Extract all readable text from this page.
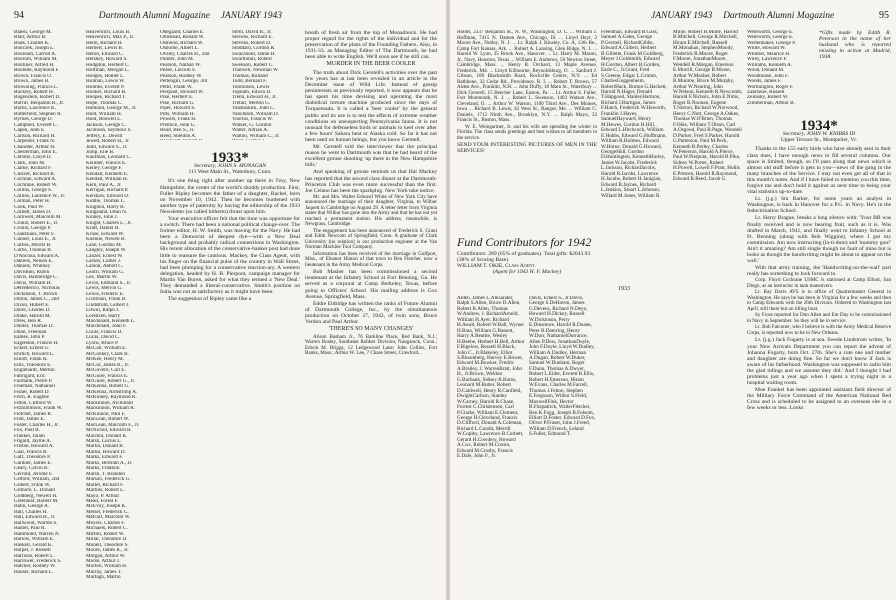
94	Dartmouth Alumni Magazine JANUARY 1943
Blaesi, George M.
Blair, Arthur B.
Boak, Charles K.
Bonczek, Joseph L.
Booream, Carroll A.
Boorum, William M.
Boutilier, Alfred H.
Boutelle, Raymond F.
Brown, Francis O.
Brown, James B.
Browning, Francis L.
Buckley, Robert H.
Bugenstein, Robert D.
Burrill, Benjamin R., Jr.
Burtis, Lawrence K.
Butterfield, Stephen R.
Byrnes, George D.
Campbell, Everett C.
Capen, John E.
Carlson, Richard H.
Carpenter, Frank N.
Chandler, Arthur H.
Chesterman, John E.
Christie, Lloyd D.
Clark, John M.
Clarke, Richard F.
Cleaver, Richard B.
Cochran, Edward A.
Cochrane, Robert W.
Collins, George S.
Collins, Laurence W., Jr.
Colman, Peter H.
Cook, Paul W.
Corbett, James D.
Cornwell, Malcolm M.
Cronin, Robert E., Jr.
Cronin, George P.
Csankhaus, Peter F.
Cunner, Louis E., Jr.
Curtiss, Morris B.
Curtis, Thomas B.
D'Ancona, Edward A.
Daniels, Nelson E.
Daniels, Whitney
Davidson, Rubin
Davis, Bainbridge C.
Davis, William H.
Defrederico, Nicholas
Dickinson, T. Brown
Dillon, James C., 2nd
Dixon, Hubert E.
Dorer, Charles D.
Drake, Harold M.
Drew, Ben R.
Dubler, Thomas D.
Dunn, Freeman
Eames, John P.
Eagleston, Francis H.
Eckler, Ernest G.
Ehrlich, Howard L.
Elliott, Frank R.
Ellis, Theodore E.
Englehardt, Merton
Fabrigard, Eric
Fairbank, Pierre P.
Fineman, Nathaniel
Fisher, Robert D.
Fitch, R. Eugene
Fitton, Clifford W.
Fitzsimmons, Frank W.
Fletcher, James R.
Flint, James E.
Foster, Charles H., Jr.
Fox, Paul B.
Frankel, Julian
Frigard, Jayme A.
Frisbie, Howard A.
Gaal, Francis B.
Gaff, Theodore P.
Gardner, James E.
Geary, Calvin B.
Gerrold, Jerome F.
Gifford, William, 2nd
Gilbert, Frank W.
Gilmore, L. Donald
Goldberg, Newell H.
Greenleaf, Robert M.
Hahn, George A.
Hall, Charles H.
Hall, Edward H., Jr.
Hallwood, Warren S.
Hamel, Paul R.
Hammond, Warren N.
Harlow, William E.
Haskell, Gerald K.
Harper, J. Russell
Harrison, Robert L.
Harrower, Frederick S.
Hatcher, Rodney W.
Hauser, Richard L.
Heavenrich, Louis B.
Heavenrich, Max P., Jr.
Heim, Richard H.
Herbert, Lewis B.
Heron, Edward C.
Hershey, Howard S.
Hodgdon, Herbert C.
Hoffman, Morgan L.
Hodges, Homer L.
Holman, Lewis W.
Holmes, Everett P.
Hooker, Richard B.
Hoopes, Richard T.
Hope, Thomas C.
Hubbard, George M., Jr.
Hunt, William H.
Hunt, Roswell L.
Jackson, George C.
Jacobson, Seymour S.
Jeffery, E. Dewitt
Jewett, Robert H., Jr.
Judd, Edward S., Jr.
Jump, Elie B.
Kaufman, Leonard C.
Keiliher, Francis E.
Kelley, George F.
Kendall, Kenneth E.
Kendall, William H.
Kern, Paul A., Jr.
Kerrigan, Richard P.
Kershaw, Edward D.
Kiddle, Thomas L.
Kingdon, Harry B.
Kingsland, Dean N.
Kinney, John J.
Knight, Charles L., Jr.
Kraft, Daniel H.
Kruse, Edward W.
Kuenne, Newell B.
Lane, Gordon M.
Langley, Joseph W.
Lanzer, Ernest W.
Larsen, Luther J.
Larson, Abbott C.
Leach, William G.
Lee, Martin W.
Levin, Edmund S., Jr.
Lewis, Melvin G.
Lewis, Frederic E.
Lichtman, Frank B.
Lindstrom, Gilbert J.
Litwin, Ralph J.
Lorenzen, Harry
Macdonald, Kenneth L.
Macdonald, John F.
Lucas, Francis D.
Lucas, David C.
Lyons, Bruce P.
McCall, William E.
McConkey, Clark B.
McKee, Henry M.
McCor, James B., Jr.
McGovern, Carl E.
McGuire, Francis E.
McGuire, Robert G., Jr.
McKenna, Robert G.
McKenna, Armstrong A.
McKinney, Raymond R.
Mackinnon, Archibald
Mackinnon, William R.
McKinnon, Paul F.
MacLean, Robert W.
MacLean, Malcolm F., Jr.
McNichol, Edward R.
Macmul, Donald K.
Marsh, Lucius L.
Martin, Donald R.
Martin, Howard D.
Marks, Edward F.
Marks, Bertram A., Jr.
Marks, Franklin
Marsh, T. Brandon
Marson, Frederick G.
Martel, Richard F.
Martins, Robert L.
Mayo, P. Arthur
Mead, Forest F.
McEvoy, Joseph K.
Meisel, Frederick C.
Metcalf, Malcolm W.
Meyers, Charles F.
Michaels, Robert C.
Mifflin, Robert W.
Millar, Theodore D.
Monell, Theodore S.
Moore, James R., Jr.
Morgan, Arthur W.
Morse, Arthur J.
Morton, William H.
Murray, James T.
Murtagh, Martin
Odegaard, Charles E.
Olmstead, Ronald W.
Osmond, Richard W.
Osborne, Albert L.
Ovsley, Charles H., 2nd
Palmer, John M.
Pearson, Nathan W.
Pease, Lincoln S.
Pearson, Rodney W.
Pettengill, George, 3rd
Pettit, Frank W.
Pierpont, Howard W.
Pike, Herbert E.
Pike, Richard G.
Piper, Howard S.
Pitts, William H.
Powers, Frank H.
Prentice, John G.
Read, Ben S., Jr.
Reed, Sheldon A.
Stern, David B., Jr.
Stevens, Richard E.
Stevens, Robert D.
Stoddard, Gordon R.
Swaczhold, Jamie H.
Swarthmill, Robert
Swenson, Robert C.
Thalwell, Newman W.
Thomas, Rolland
Todd, Bernard F.
Tomlinson, Lewis
Topham, Edwin D.
Trenn, Edward H., Jr.
Trefair, Merton G.
VanBuskirk, John C.
VanDusen, William D.
Voorhis, Francis W.
Walker, G. Gordon
Walter, Adrian A.
Walton, William C., Jr.
1933*
Secretary, JOHN S. MONAGAN
111 West Main St., Waterbury, Conn.

It's one thing right after another up there in Troy, New Hampshire, the center of the world's shoddy production. First, Fuller Ripley becomes the father of a daughter, Rachel, born on November 10, 1942. Then he becomes burdened with another type of paternity by having the editorship of the 1933 Newsletter (so called hitherto) thrust upon him.

Your executive officer felt that the time was opportune for a switch. There had been a national political change-over. The former editor, H. W. Smith, was leaving for the Navy. He had been a Democrat of deepest dye—with a New Deal background and probably radical connections in Washington. His recent allocation of the conservative-banker post had done little to reassure the cautious. Mackey, the Class Agent, with his finger on the financial pulse of the country in Wall Street, had been plumping for a conservative reaction-ary. A western delegation, headed by H. B. Pierpont, campaign manager for Martin Van Buren, asked for what they termed a 'New Deal.' They demanded a liberal-conservative. Smith's position on India was not as satisfactory as it might have been.

The suggestion of Ripley came like a

breath of fresh air from the top of Monadnock. He had proper regard for the rights of the individual and for the preservation of the plans of the Founding Fathers. Also, in 1931-33, as Managing Editor of The Dartmouth, he had been able to write English. We'll soon see if he still can.

MURDER IN THE BEER COOLER

The truth about Dick Gerstell's activities over the past few years has at last been revealed in an article in the December issue of Wild Life. Instead of gossip peninterests as previously reported, it now appears that he has spent his time devising and operating the most diabolical torture machine produced since the days of Torquemada. It is called a 'beer cooler' by the general public and its use is to test the effects of extreme weather conditions on unsuspecting Pennsylvania fauna. It is not unusual for defenseless birds or animals to keel over after a few hours' Sahara heat or Alaska cold. So far it has not been used on human beings, but you know Gerstell.

Mr. Gerstell told the interviewer that the principal reason he went to Dartmouth was that he had heard of the excellent grouse shooting 'up there in the New Hampshire hills.'

And speaking of grouse reminds us that Hal Mackey has reported that the second class dinner at the Dartmouth-Princeton Club was even more successful than the first. Joe Celano has been the sparkplug. New York take notice.

Mr. and Mrs. Walter Edward White of New York City have announced the marriage of their daughter, Virginia, to Wilbur Jaquett in Cambridge on August 29. A letter letter from Virginia states that Wilbur has gone into the Army and that he has not yet reached a permanent station. His address, meanwhile, is Newgrass, Cambridge.

The engagement has been announced of Frederick S. Grant and Edith Newcom of Springfield, Conn. A graduate of Clark University (no relation) is our production engineer at the Van Norman Machine Tool Company.

Information has been received of the marriage in Gulfport, Miss., of Eleanor Hinton of that town to Ben Fletcher, now a lieutenant in the Army Medical Corps.

Bob Masher has been commissioned a second lieutenant at the Infantry School at Fort Benning, Ga. He served as a corporal at Camp Berkeley, Texas, before going to Officers' School. His mailing address is Cox Avenue, Springfield, Mass.

Eddie Eldridge has written the ranks of Future Alumni of Dartmouth College, Inc., by the simultaneous production on October 27, 1942, of twin sons, Bruce Verdon and Paul Arthur.

'THERE'S SO MANY CHANGES'

Alison Basham Jr., 76 Barkline Place, Red Bank, N.J.; Warren Bosley, Southeast Rubber Division, Naugatuck, Conn.; Edwin M. Briggs, 12 Ledgewood Lane; John Collins, Fort Banks, Mass.; Arthur W. Lee, 7 Chase Street, Crawford...

JANUARY 1943 Dartmouth Alumni Magazine	95

Hobbs, 2337 Benjamin St., N. W., Washington, D. C. ... William J. Hoffman, 7415 N. Damen Ave., Chicago, Ill. ... Lloyd Hoyt, 2 Moore Ave., Nutley, N. J. ... Lt. Ralph J. Kinsley, Co. A, 12th Bn., Camp Fort Kansas, Ark. ... Robert A. Lansing, Glen Ridge, N. J. ... Harold W. Lyon, 35 Brook Ave., Hanover. ... Lt. Harry M. Mason, Jr., Navy, Houston, Texas ... William E. Andrews, 58 Newton Street, Cambridge, Mass. ... Henry R. Orchard, 13 Maple Avenue, Frederick, Md. ... Lloyd Kilbourne, Reynoldsburg, O. ... Sanford J. Gibson, 108 Blacksmith Road, Rockville Centre, N.Y. ... Ed Rathbone, 32 Cedar Rd., Providence, R. I. ... Robert T. Brown, 57 Alden Ave., Franklin, N.H. ... John Duffy, 18 Main St., Waterbury ... Dick Gerstell, 15 Beecher Lane, Easton, Pa. ... Lt. Arthur S. Fuller, Fort Monmouth, N. J. ... Robert L. Swenson, 1403 Watson Ave., Cleveland, O. ... Arthur W. Watson, 1100 Third Ave., Des Moines, Iowa ... Richard B. Lewis, 42 West St., Bangor, Me. ... William C. Daniels, 1712 Ninth Ave., Brooklyn, N.Y. ... Ralph Mayo, 33 Francis St., Boston, Mass.

W. E. Weingartner, Jr. and his wife are spending the winter in Florida. The class sends greetings and best wishes to all members in the service.

SEND YOUR INTERESTING PICTURES OF MEN IN THE SERVICES!

Fund Contributors for 1942
Contributors: 289 (65% of graduates). Total gifts: $2043.93 (38% of Scoring Base).
WILLIAM T. OKIE, Class Agent.
(Agent for 1943 H. F. Mackey)
1933
Alden, James L.Alexander, Ralph S.Allen, Bruce D.Allen, Robert B.Allen, Thomas W.Andrew, J. RichardArnold, William H.Ayer, Richard H.Awalt, Robert W.Ball, Wynne H.Bass, William G.Bassett, Harry A.Beattie, Wesley H.Beebe, Herbert H.Bell, Arthur F.Bigelow, Russell H.Black, John C., Jr.Blakeley, Elliot S.Bloomberg, Harvey E.Bower, Edward M.Bowker, Fredric A.Brailey, J. WarrenBratt, John H., Jr.Brown, Weldon G.Burbank, Sidney B.Burns, Leonard M.Butler, Robert D.Caldwell, Henry R.Canfield, DwightCarlson, Stanley W.Carney, Harold R.Chase, Forrest C.Christensen, Carl P.Clarke, William E.Clement, George H.Cleveland, Francis D.Clifford, Donald A.Coleman, Richard L.Condit, Merrill W.Copley, Lawrence B.Corbett, Gerard H.Cowdery, Howard A.Cox, Robert M.Cronin, Edward M.Crosby, Francis E.Dale, John F., Jr.
Davis, Ernest S., Jr.Davis, George S.DeHaven, James G.Devens, Richard N.Deyo, Howard H.Dickey, Russell W.Dickinson, Perry E.Dinsmore, Harold R.Doane, Peter B.Doerring, Henry W.Dorr, NathanielDorrance, Allen P.Dow, JonathanDoyle, John F.Doyle, Lloyd W.Dudley, William A.Dudley, Herman A.Dugan, Robert W.Duker, Samuel W.Dunham, Roger F.Dunn, Thomas A.Dwyer, Robert L.Elder, Everett B.Ellis, Robert H.Emerson, Hiram W.Evans, Charles M.Farrell, Thomas J.Felton, Stephen E.Ferguson, Wilbur S.Field, MaxwellFink, Hector B.Fitzpatrick, WalterFletcher, Ben K.Fogg, Joseph B.Folsom, Elliott D.Foster, Edward D.Fox, Oliver P.Fraser, John J.Freed, William D.French, Leland S.Fuller, Edmund T.
Freedman, Edward B.Gass, Samuel A.Gates, George P.Gerstell, RichardGibbs, Edward A.Gilbert, Herbert B.Gillette, Frank M.Goldberg, Meyer J.Goldsmith, Edward H.Gordon, Albert B.Gorden, Earle C., Jr.Grant, Fred S.Greene, Edgar L.Grimm, CharlesGuggenheim, RobertHack, Burton G.Hackett, Harold N.Hager, Donald T.Hapgood, StanleyHarmon, Richard J.Hartigan, James F.Hatch, Frederick W.Haworth, Franklin J.Hayes, SamuelHayward, Henry M.Hewes, Gordon H.Hill, Edward L.Hitchcock, William E.Hobbs, Edward G.Hoffmann, William R.Holmes, Edward W.Horne, Donald G.Howard, GeorgeHull, Gordon D.Huntington, KennethHurley, James W.Jacobs, Frederick L.Jackson, RichardJacobs, Harold R.Jacobs, Lawrence H.Jacobs, Robert H.Janigian, Edward B.Jaynes, Richard L.Jenkins, Stuart L.Johnson, Willard M.Jones, William R.
Milne, Robert H.Milne, Harold B.Mitchell, George R.Mitchell, Hiram E.Mitchell, Russell M.Monahan, StephenMoody, Frederick R.Moore, Roger F.Moore, JonathanMoore, Wendell R.Morgan, Emerson E.Morrill, George B.Morse, Arthur W.Mosher, Robert B.Munroe, Bruce M.Murphy, Arthur W.Nearing, John W.Nelson, Kenneth R.Newcomb, Harold F.Nichols, John E.Nims, Roger B.Noonan, Eugene T.Norton, Richard W.Norwood, Henry C.Nutt, George A.Oakes, Thomas W.O'Brien, Thomas F.Okie, William T.Olson, Carl A.Osgood, Paul B.Page, Wendell D.Parker, Fred S.Parker, Harold G.Patterson, Paul M.Peck, Kenneth B.Perley, Charles W.Peterson, Harold A.Pierce, Paul W.Pierpont, Harold B.Pike, Sidney W.Porter, Robert H.Powell, Lowell F.Pratt, Hollis E.Preston, Harold R.Raymond, Edward B.Reed, Jacob G.
Wentworth, George E.
Wentworth, George E.
Wertenbaker, George P.
White, Howard W.
Whittier, Maurice H.
Wiley, Lawrence F.
Williams, Kenneth A.
Wood, Donald M.
Woodhouse, John F.
Woods, James F.
Worthington, Roger F.
Zabriskie, Russell
Zelinsky, Robert W.
Zimmerman, Arthur B.

*Gifts made by Edith R. Peterson in the name of her husband who is reported missing in action at Madrid, 1938.

1934*
Secretary, JOHN W. KNIBBS III
Upper Terrace St., Montpelier, Vt.

Thanks to the 155 early birds who have already sent in their class dues, I have enough news to fill several columns. Our space is limited, though, so I'll pass along that news which is almost old stuff before it gets to you—news of the gang in the many branches of the Service. I may not even get all of that in this month's notes. And if I have failed to mention you this time, forgive me and don't hold it against us next time to being your vital statistics up-to-date.

Lt. (j.g.) Stu Barker, for some years an analyst in Washington, is back in Hanover for a P.G. in Navy. He's in the Indoctrination School.

Lt. Harry Brague, breaks a long silence with: 'Your BB was finally received and is now bearing fruit, such as it is. Was drafted in March, 1941, and finally went to Infantry School at Ft. Benning (along with Bob Wiggins), where I got my commission. Am now instructing (la-ti-dum) and 'mummy gun!' Ain't it amazing? Am still single though no fault of mine but is looks as though the handwriting might be about to appear on the wall.'

With that army training, the 'Handwriting-on-the-wall' part really has something to look forward to.

Corp. Floyd Cochrane USMC is stationed at Camp Elliott, San Diego, as an instructor in tank maneuvers.

Lt. Ray Davis AVS is in office of Quartermaster General in Washington. He says he has been in Virginia for a few weeks and then to Camp Edwards with the 26th Division. Ordered to Washington last April, still there but on tilling boat.

Sy Fross reported for Don Allen and Em Day to be commissioned in Navy in September. So they will be in service.

Lt. Bob Falconer, who I believe is with the Army Medical Reserve Corps, is reported now to be in New Orleans.

Lt. (j.g.) Jack Fogarty is at sea. Swede Lindstrom writes, 'In your New Arrivals Department you can report the advent of Johanna Fogarty, born Oct. 27th. She's a cute one and mother and daughter are doing fine. So far we don't know if Jack is aware of his fatherhood. Washington was supposed to radio him the glad tidings and we assume they did.' And I thought I had problems just a year ago when I spent a trying night in a hospital waiting room.

Moe Frankel has been appointed assistant field director of the Military Force Command of the American National Red Cross and is scheduled to be assigned to an overseas site in a few weeks or less. Looks
